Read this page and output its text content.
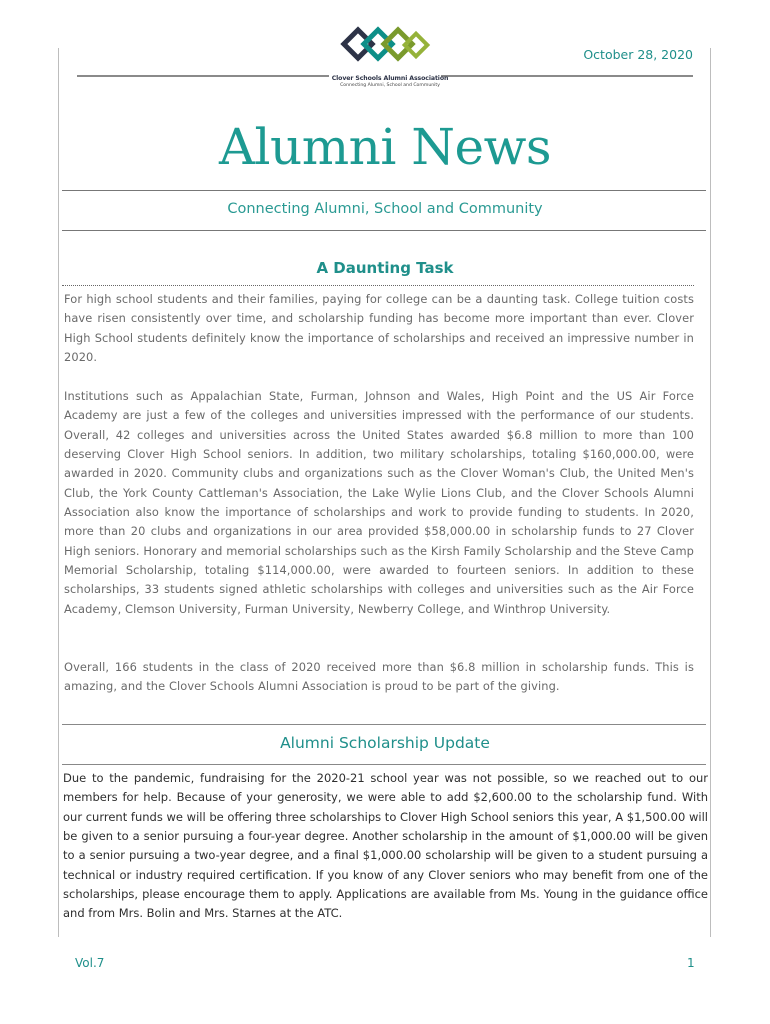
Clover Schools Alumni Association
Connecting Alumni, School and Community
October 28, 2020
Alumni News
Connecting Alumni, School and Community
A Daunting Task
For high school students and their families, paying for college can be a daunting task. College tuition costs have risen consistently over time, and scholarship funding has become more important than ever. Clover High School students definitely know the importance of scholarships and received an impressive number in 2020.
Institutions such as Appalachian State, Furman, Johnson and Wales, High Point and the US Air Force Academy are just a few of the colleges and universities impressed with the performance of our students. Overall, 42 colleges and universities across the United States awarded $6.8 million to more than 100 deserving Clover High School seniors. In addition, two military scholarships, totaling $160,000.00, were awarded in 2020. Community clubs and organizations such as the Clover Woman's Club, the United Men's Club, the York County Cattleman's Association, the Lake Wylie Lions Club, and the Clover Schools Alumni Association also know the importance of scholarships and work to provide funding to students. In 2020, more than 20 clubs and organizations in our area provided $58,000.00 in scholarship funds to 27 Clover High seniors. Honorary and memorial scholarships such as the Kirsh Family Scholarship and the Steve Camp Memorial Scholarship, totaling $114,000.00, were awarded to fourteen seniors. In addition to these scholarships, 33 students signed athletic scholarships with colleges and universities such as the Air Force Academy, Clemson University, Furman University, Newberry College, and Winthrop University.
Overall, 166 students in the class of 2020 received more than $6.8 million in scholarship funds. This is amazing, and the Clover Schools Alumni Association is proud to be part of the giving.
Alumni Scholarship Update
Due to the pandemic, fundraising for the 2020-21 school year was not possible, so we reached out to our members for help. Because of your generosity, we were able to add $2,600.00 to the scholarship fund. With our current funds we will be offering three scholarships to Clover High School seniors this year, A $1,500.00 will be given to a senior pursuing a four-year degree. Another scholarship in the amount of $1,000.00 will be given to a senior pursuing a two-year degree, and a final $1,000.00 scholarship will be given to a student pursuing a technical or industry required certification. If you know of any Clover seniors who may benefit from one of the scholarships, please encourage them to apply. Applications are available from Ms. Young in the guidance office and from Mrs. Bolin and Mrs. Starnes at the ATC.
Vol.7	1
